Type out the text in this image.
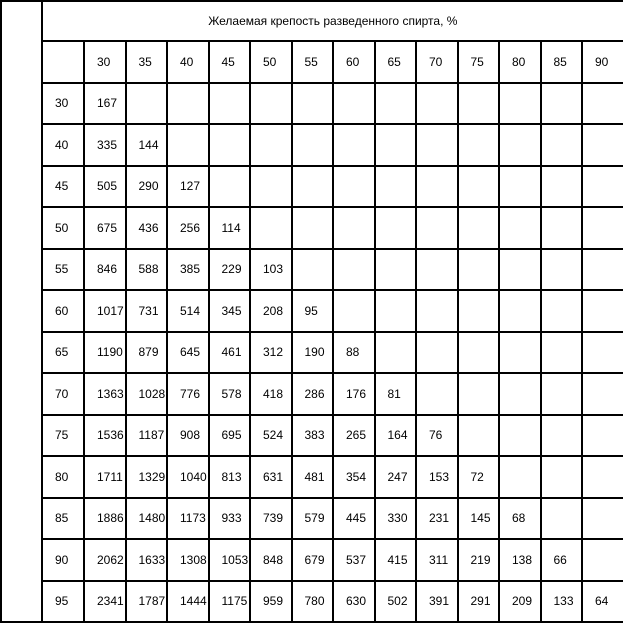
	Желаемая крепость разведенного спирта, %													
		30	35	40	45	50	55	60	65	70	75	80	85	90
	30	167												
	40	335	144											
	45	505	290	127										
	50	675	436	256	114									
	55	846	588	385	229	103								
	60	1017	731	514	345	208	95							
	65	1190	879	645	461	312	190	88						
	70	1363	1028	776	578	418	286	176	81					
	75	1536	1187	908	695	524	383	265	164	76				
	80	1711	1329	1040	813	631	481	354	247	153	72			
	85	1886	1480	1173	933	739	579	445	330	231	145	68		
	90	2062	1633	1308	1053	848	679	537	415	311	219	138	66	
	95	2341	1787	1444	1175	959	780	630	502	391	291	209	133	64
